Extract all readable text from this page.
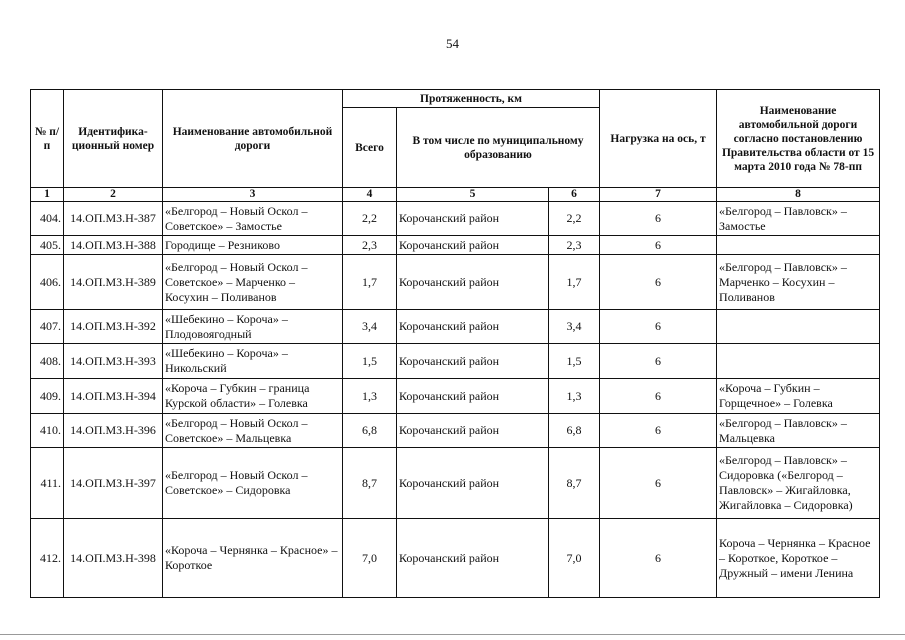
54
№ п/п	Идентифика-ционный номер	Наименование автомобильной дороги	Протяженность, км			Нагрузка на ось, т	Наименование автомобильной дороги согласно постановлению Правительства области от 15 марта 2010 года № 78-пп
			Всего	В том числе по муниципальному образованию			
1	2	3	4	5	6	7	8
404.	14.ОП.МЗ.Н-387	«Белгород – Новый Оскол – Советское» – Замостье	2,2	Корочанский район	2,2	6	«Белгород – Павловск» – Замостье
405.	14.ОП.МЗ.Н-388	Городище – Резниково	2,3	Корочанский район	2,3	6	
406.	14.ОП.МЗ.Н-389	«Белгород – Новый Оскол – Советское» – Марченко – Косухин – Поливанов	1,7	Корочанский район	1,7	6	«Белгород – Павловск» – Марченко – Косухин – Поливанов
407.	14.ОП.МЗ.Н-392	«Шебекино – Короча» – Плодовоягодный	3,4	Корочанский район	3,4	6	
408.	14.ОП.МЗ.Н-393	«Шебекино – Короча» – Никольский	1,5	Корочанский район	1,5	6	
409.	14.ОП.МЗ.Н-394	«Короча – Губкин – граница Курской области» – Голевка	1,3	Корочанский район	1,3	6	«Короча – Губкин – Горщечное» – Голевка
410.	14.ОП.МЗ.Н-396	«Белгород – Новый Оскол – Советское» – Мальцевка	6,8	Корочанский район	6,8	6	«Белгород – Павловск» – Мальцевка
411.	14.ОП.МЗ.Н-397	«Белгород – Новый Оскол – Советское» – Сидоровка	8,7	Корочанский район	8,7	6	«Белгород – Павловск» – Сидоровка («Белгород – Павловск» – Жигайловка, Жигайловка – Сидоровка)
412.	14.ОП.МЗ.Н-398	«Короча – Чернянка – Красное» – Короткое	7,0	Корочанский район	7,0	6	Короча – Чернянка – Красное – Короткое, Короткое – Дружный – имени Ленина
